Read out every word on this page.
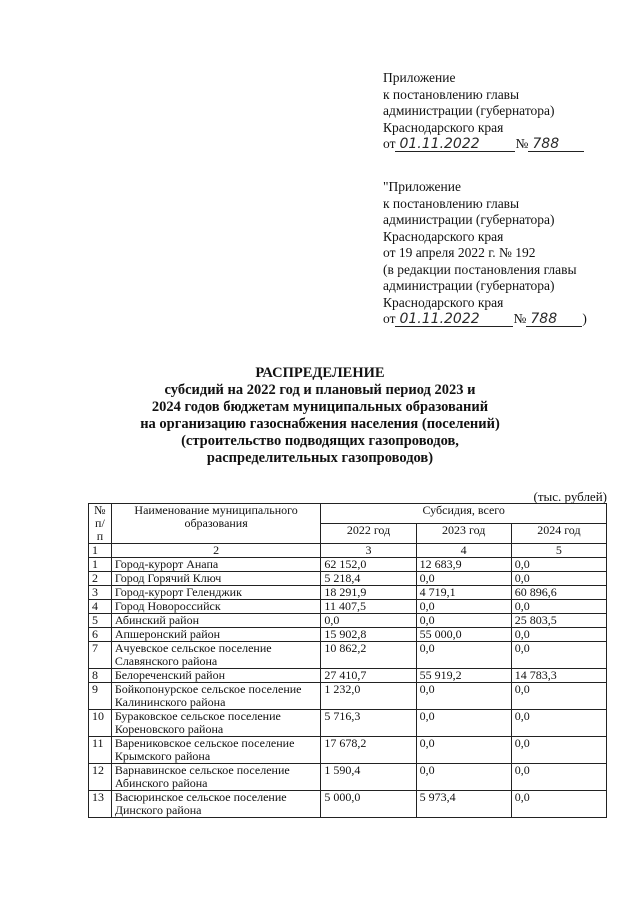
Приложение
к постановлению главы
администрации (губернатора)
Краснодарского края
от 01.11.2022	№ 788
"Приложение
к постановлению главы
администрации (губернатора)
Краснодарского края
от 19 апреля 2022 г. № 192
(в редакции постановления главы
администрации (губернатора)
Краснодарского края
от 01.11.2022	№ 788 )
РАСПРЕДЕЛЕНИЕ
субсидий на 2022 год и плановый период 2023 и
2024 годов бюджетам муниципальных образований
на организацию газоснабжения населения (поселений)
(строительство подводящих газопроводов,
распределительных газопроводов)
(тыс. рублей)
№ п/п	Наименование муниципального образования	Субсидия, всего		
		2022 год	2023 год	2024 год
1	2	3	4	5
1	Город-курорт Анапа	62 152,0	12 683,9	0,0
2	Город Горячий Ключ	5 218,4	0,0	0,0
3	Город-курорт Геленджик	18 291,9	4 719,1	60 896,6
4	Город Новороссийск	11 407,5	0,0	0,0
5	Абинский район	0,0	0,0	25 803,5
6	Апшеронский район	15 902,8	55 000,0	0,0
7	Ачуевское сельское поселение Славянского района	10 862,2	0,0	0,0
8	Белореченский район	27 410,7	55 919,2	14 783,3
9	Бойкопонурское сельское поселение Калининского района	1 232,0	0,0	0,0
10	Бураковское сельское поселение Кореновского района	5 716,3	0,0	0,0
11	Варениковское сельское поселение Крымского района	17 678,2	0,0	0,0
12	Варнавинское сельское поселение Абинского района	1 590,4	0,0	0,0
13	Васюринское сельское поселение Динского района	5 000,0	5 973,4	0,0
